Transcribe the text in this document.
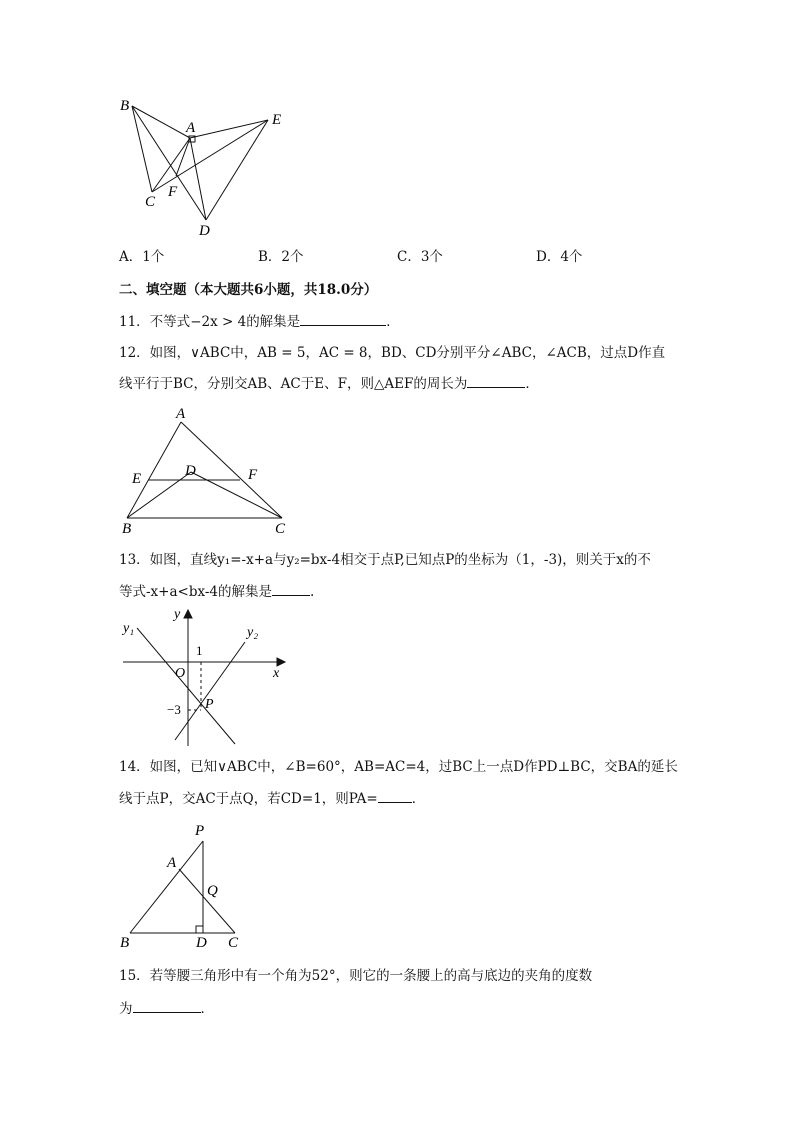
B
A	E
C
F
D
A．1个	B．2个	C．3个	D．4个
二、填空题（本大题共6小题，共18.0分）
11．不等式−2x > 4的解集是	．
12．如图，∨ABC中，AB = 5，AC = 8，BD、CD分别平分∠ABC，∠ACB，过点D作直
线平行于BC，分别交AB、AC于E、F，则△AEF的周长为	．
A
E	D	F
B	C
13．如图，直线y₁=-x+a与y₂=bx-4相交于点P,已知点P的坐标为（1，-3)，则关于x的不
等式-x+a<bx-4的解集是	.
y
y₁	y₂
1
O	x
−3 P
14．如图，已知∨ABC中，∠B=60°，AB=AC=4，过BC上一点D作PD⊥BC，交BA的延长
线于点P，交AC于点Q，若CD=1，则PA=	．
P
A
Q
B	D C
15．若等腰三角形中有一个角为52°，则它的一条腰上的高与底边的夹角的度数
为	．
